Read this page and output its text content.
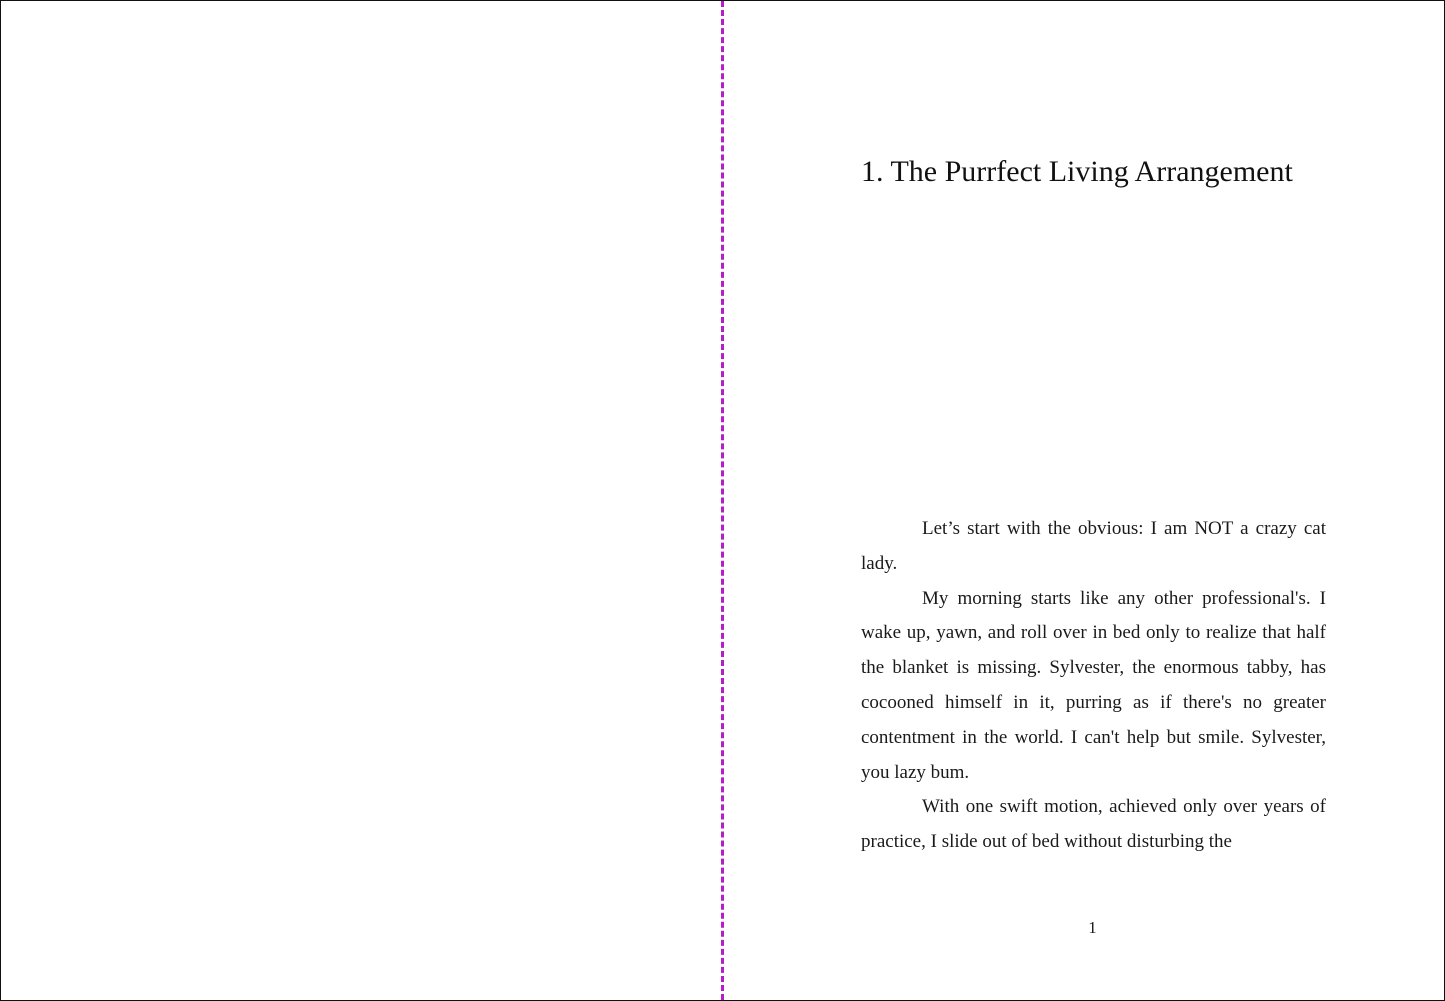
1. The Purrfect Living Arrangement

Let’s start with the obvious: I am NOT a crazy cat lady.

My morning starts like any other professional's. I wake up, yawn, and roll over in bed only to realize that half the blanket is missing. Sylvester, the enormous tabby, has cocooned himself in it, purring as if there's no greater contentment in the world. I can't help but smile. Sylvester, you lazy bum.

With one swift motion, achieved only over years of practice, I slide out of bed without disturbing the

1
